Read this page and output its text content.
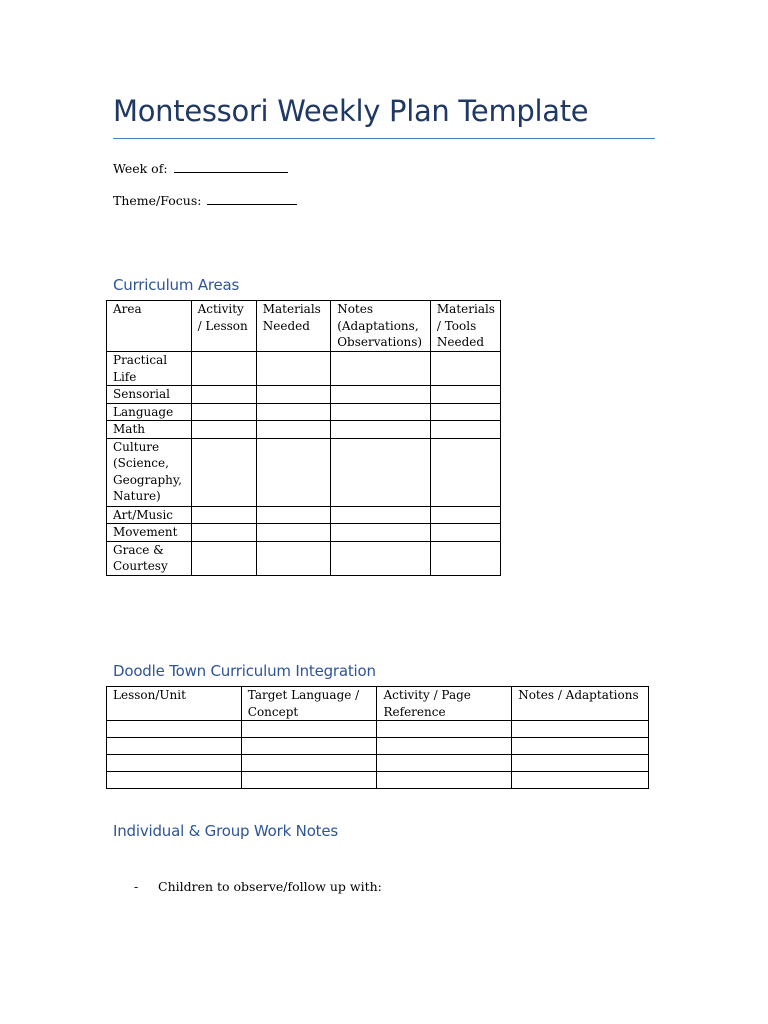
Montessori Weekly Plan Template
Week of:
Theme/Focus:
Curriculum Areas
Area	Activity / Lesson	Materials Needed	Notes (Adaptations, Observations)	Materials / Tools Needed
Practical Life				
Sensorial				
Language				
Math				
Culture (Science, Geography, Nature)				
Art/Music				
Movement				
Grace & Courtesy				
Doodle Town Curriculum Integration
Lesson/Unit	Target Language / Concept	Activity / Page Reference	Notes / Adaptations

Individual & Group Work Notes
- Children to observe/follow up with:
